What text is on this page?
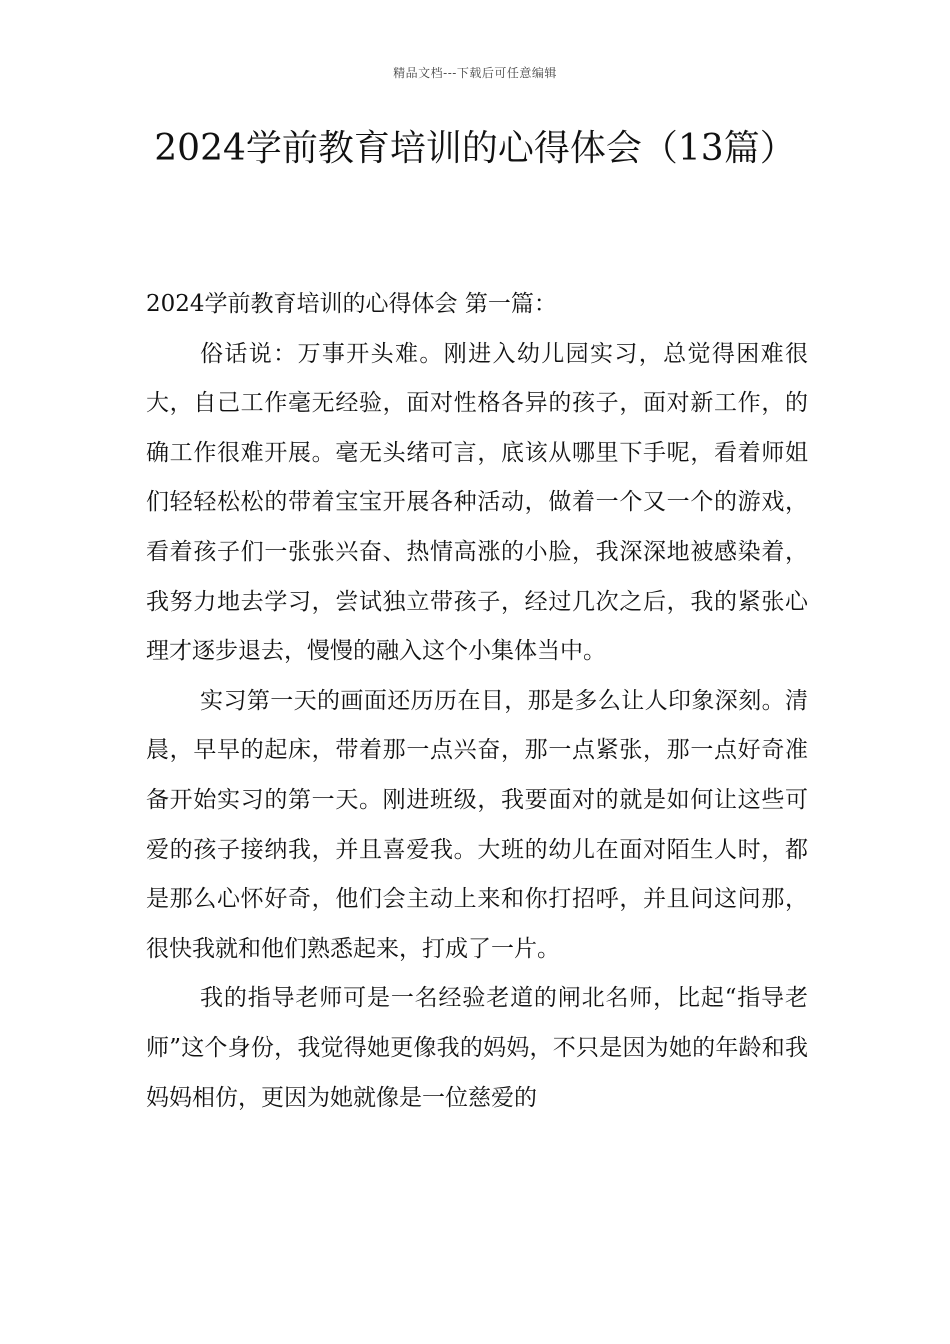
精品文档---下载后可任意编辑
2024学前教育培训的心得体会（13篇）

2024学前教育培训的心得体会 第一篇：

俗话说：万事开头难。刚进入幼儿园实习，总觉得困难很大，自己工作毫无经验，面对性格各异的孩子，面对新工作，的确工作很难开展。毫无头绪可言，底该从哪里下手呢，看着师姐们轻轻松松的带着宝宝开展各种活动，做着一个又一个的游戏，看着孩子们一张张兴奋、热情高涨的小脸，我深深地被感染着，我努力地去学习，尝试独立带孩子，经过几次之后，我的紧张心理才逐步退去，慢慢的融入这个小集体当中。

实习第一天的画面还历历在目，那是多么让人印象深刻。清晨，早早的起床，带着那一点兴奋，那一点紧张，那一点好奇准备开始实习的第一天。刚进班级，我要面对的就是如何让这些可爱的孩子接纳我，并且喜爱我。大班的幼儿在面对陌生人时，都是那么心怀好奇，他们会主动上来和你打招呼，并且问这问那，很快我就和他们熟悉起来，打成了一片。

我的指导老师可是一名经验老道的闸北名师，比起“指导老师”这个身份，我觉得她更像我的妈妈，不只是因为她的年龄和我妈妈相仿，更因为她就像是一位慈爱的
